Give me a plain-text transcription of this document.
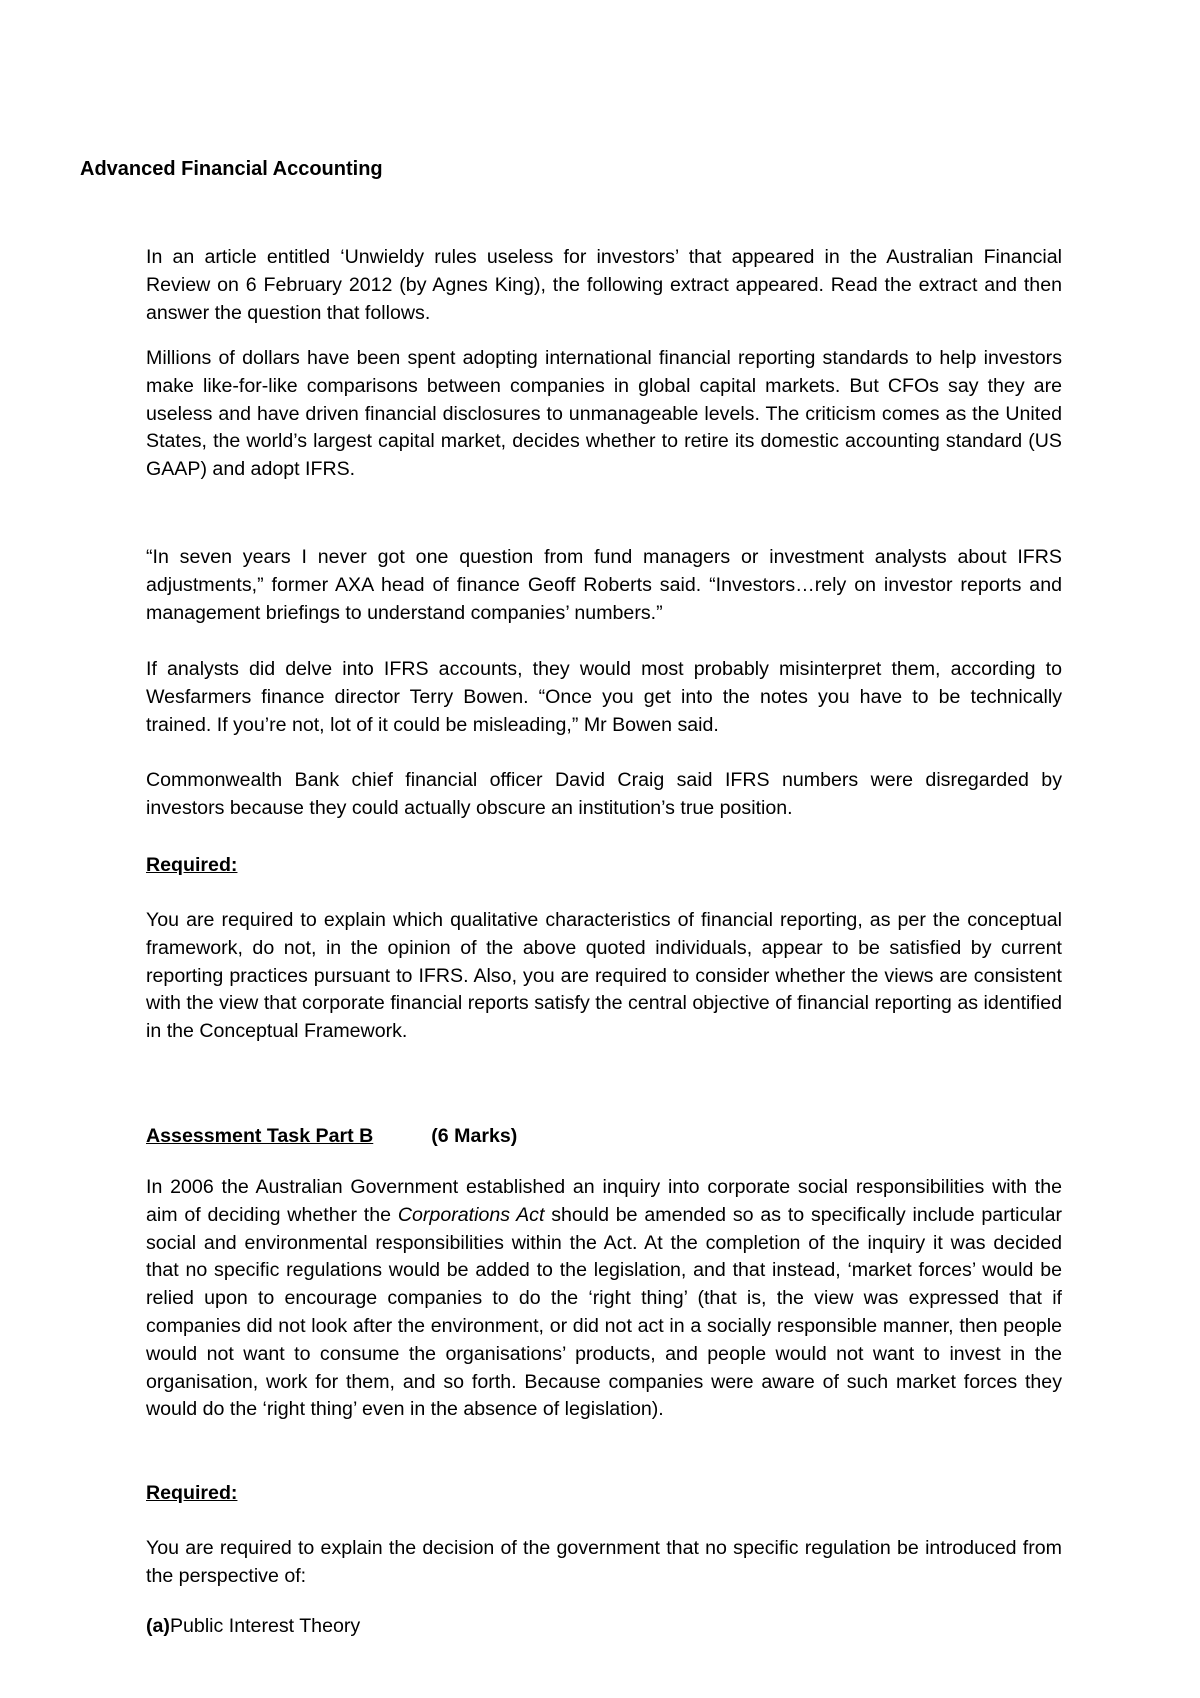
Advanced Financial Accounting

In an article entitled ‘Unwieldy rules useless for investors’ that appeared in the Australian Financial Review on 6 February 2012 (by Agnes King), the following extract appeared. Read the extract and then answer the question that follows.

Millions of dollars have been spent adopting international financial reporting standards to help investors make like-for-like comparisons between companies in global capital markets. But CFOs say they are useless and have driven financial disclosures to unmanageable levels. The criticism comes as the United States, the world’s largest capital market, decides whether to retire its domestic accounting standard (US GAAP) and adopt IFRS.

“In seven years I never got one question from fund managers or investment analysts about IFRS adjustments,” former AXA head of finance Geoff Roberts said. “Investors…rely on investor reports and management briefings to understand companies’ numbers.”

If analysts did delve into IFRS accounts, they would most probably misinterpret them, according to Wesfarmers finance director Terry Bowen. “Once you get into the notes you have to be technically trained. If you’re not, lot of it could be misleading,” Mr Bowen said.

Commonwealth Bank chief financial officer David Craig said IFRS numbers were disregarded by investors because they could actually obscure an institution’s true position.

Required:

You are required to explain which qualitative characteristics of financial reporting, as per the conceptual framework, do not, in the opinion of the above quoted individuals, appear to be satisfied by current reporting practices pursuant to IFRS. Also, you are required to consider whether the views are consistent with the view that corporate financial reports satisfy the central objective of financial reporting as identified in the Conceptual Framework.

Assessment Task Part B	(6 Marks)

In 2006 the Australian Government established an inquiry into corporate social responsibilities with the aim of deciding whether the Corporations Act should be amended so as to specifically include particular social and environmental responsibilities within the Act. At the completion of the inquiry it was decided that no specific regulations would be added to the legislation, and that instead, ‘market forces’ would be relied upon to encourage companies to do the ‘right thing’ (that is, the view was expressed that if companies did not look after the environment, or did not act in a socially responsible manner, then people would not want to consume the organisations’ products, and people would not want to invest in the organisation, work for them, and so forth. Because companies were aware of such market forces they would do the ‘right thing’ even in the absence of legislation).

Required:

You are required to explain the decision of the government that no specific regulation be introduced from the perspective of:

(a)Public Interest Theory
